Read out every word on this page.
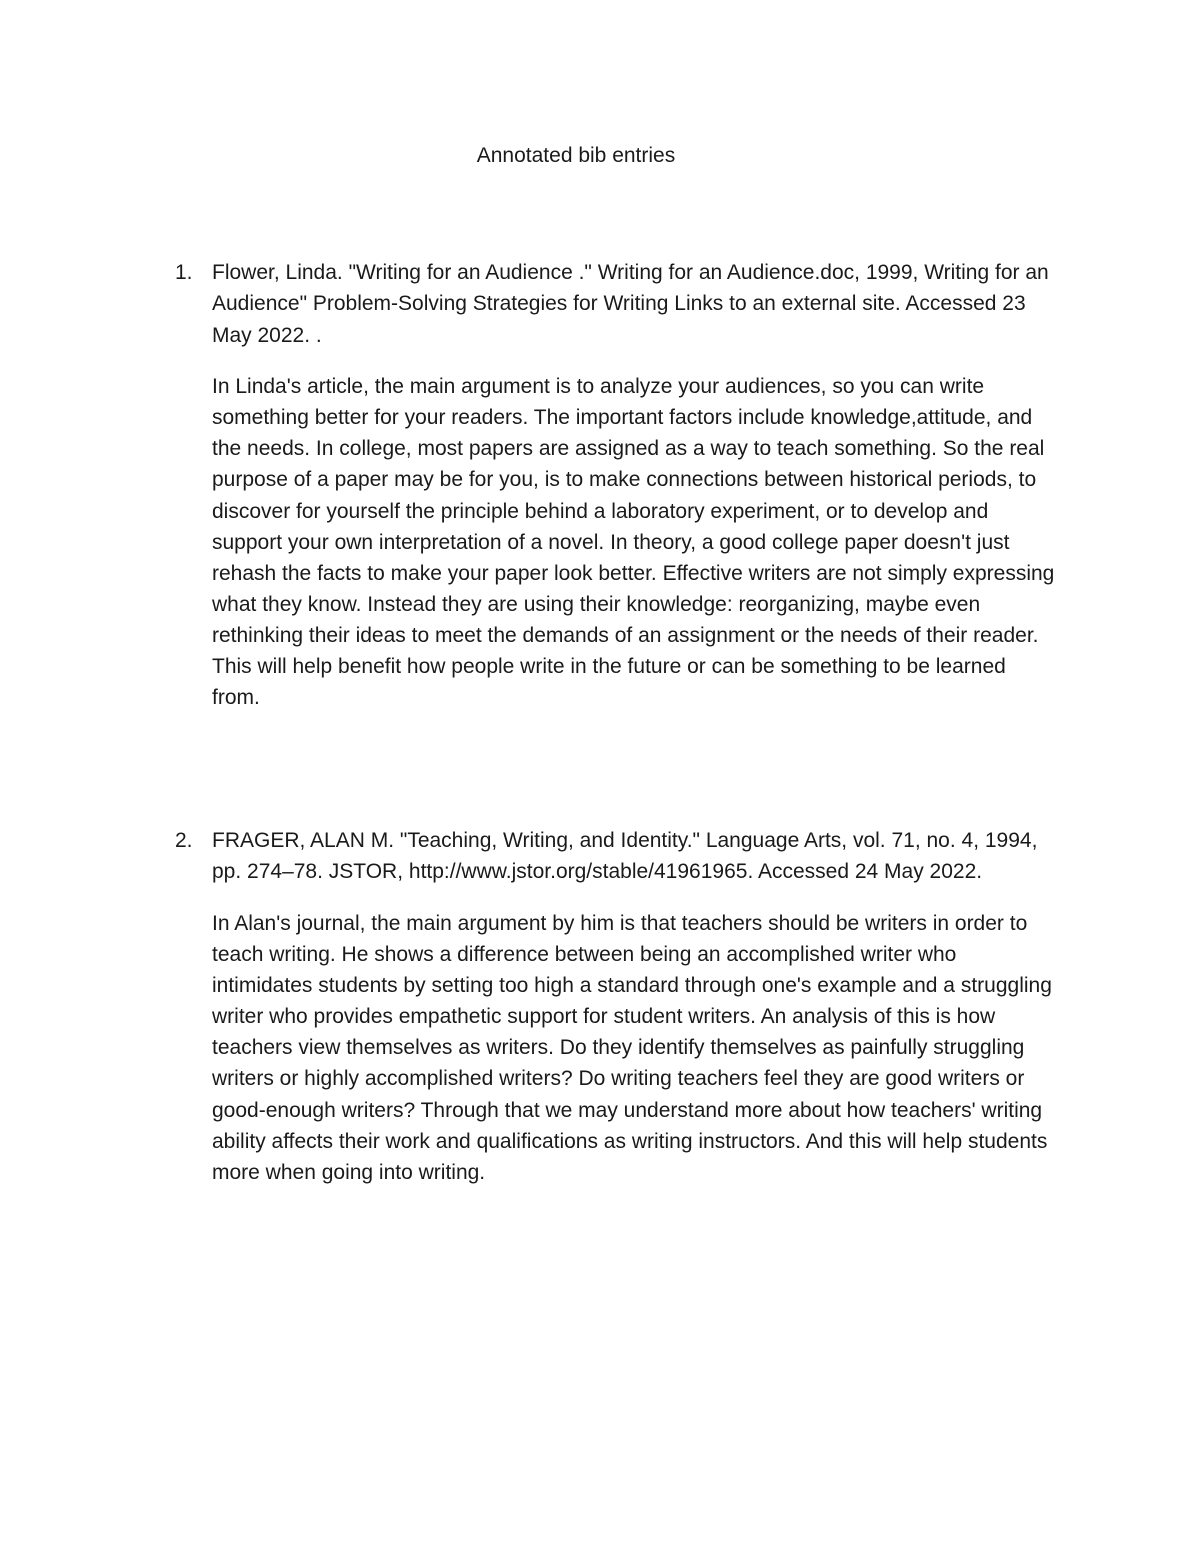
Annotated bib entries
1. Flower, Linda. "Writing for an Audience ." Writing for an Audience.doc, 1999, Writing for an Audience" Problem-Solving Strategies for Writing Links to an external site. Accessed 23 May 2022. .

In Linda's article, the main argument is to analyze your audiences, so you can write something better for your readers. The important factors include knowledge,attitude, and the needs. In college, most papers are assigned as a way to teach something. So the real purpose of a paper may be for you, is to make connections between historical periods, to discover for yourself the principle behind a laboratory experiment, or to develop and support your own interpretation of a novel. In theory, a good college paper doesn't just rehash the facts to make your paper look better. Effective writers are not simply expressing what they know. Instead they are using their knowledge: reorganizing, maybe even rethinking their ideas to meet the demands of an assignment or the needs of their reader. This will help benefit how people write in the future or can be something to be learned from.

2. FRAGER, ALAN M. "Teaching, Writing, and Identity." Language Arts, vol. 71, no. 4, 1994, pp. 274–78. JSTOR, http://www.jstor.org/stable/41961965. Accessed 24 May 2022.

In Alan's journal, the main argument by him is that teachers should be writers in order to teach writing. He shows a difference between being an accomplished writer who intimidates students by setting too high a standard through one's example and a struggling writer who provides empathetic support for student writers. An analysis of this is how teachers view themselves as writers. Do they identify themselves as painfully struggling writers or highly accomplished writers? Do writing teachers feel they are good writers or good-enough writers? Through that we may understand more about how teachers' writing ability affects their work and qualifications as writing instructors. And this will help students more when going into writing.
